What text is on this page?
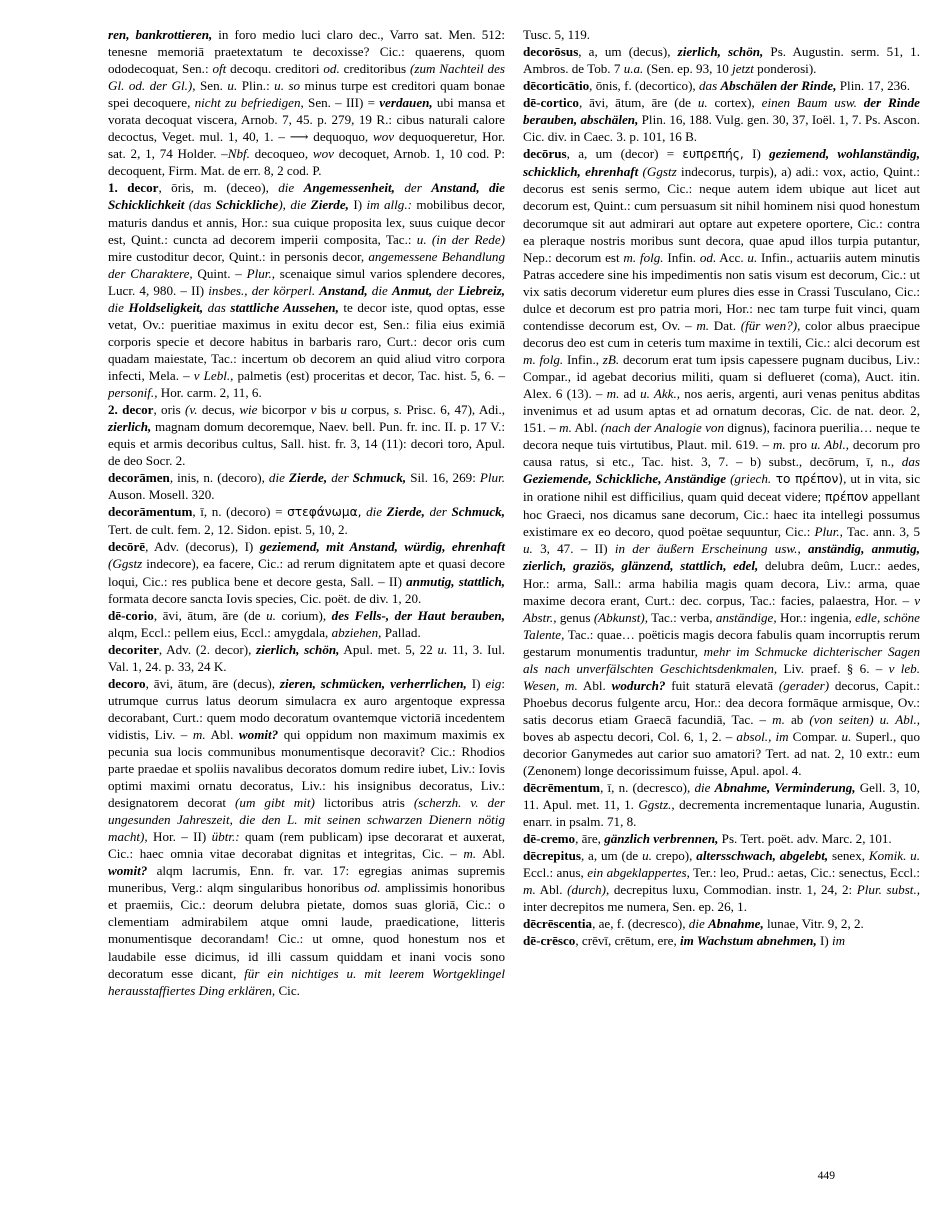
ren, bankrottieren, in foro medio luci claro dec., Varro sat. Men. 512: tenesne memoriā praetextatum te decoxisse? Cic.: quaerens, quom ododecoquat, Sen.: oft decoqu. creditori od. creditoribus (zum Nachteil des Gl. od. der Gl.), Sen. u. Plin.: u. so minus turpe est creditori quam bonae spei decoquere, nicht zu befriedigen, Sen. – III) = verdauen, ubi mansa et vorata decoquat viscera, Arnob. 7, 45. p. 279, 19 R.: cibus naturali calore decoctus, Veget. mul. 1, 40, 1. – ⟶ dequoquo, wov dequoqueretur, Hor. sat. 2, 1, 74 Holder. –Nbf. decoqueo, wov decoquet, Arnob. 1, 10 cod. P: decoquent, Firm. Mat. de err. 8, 2 cod. P.

1. decor, ōris, m. (deceo), die Angemessenheit, der Anstand, die Schicklichkeit (das Schickliche), die Zierde, I) im allg.: mobilibus decor, maturis dandus et annis, Hor.: sua cuique proposita lex, suus cuique decor est, Quint.: cuncta ad decorem imperii composita, Tac.: u. (in der Rede) mire custoditur decor, Quint.: in personis decor, angemessene Behandlung der Charaktere, Quint. – Plur., scenaique simul varios splendere decores, Lucr. 4, 980. – II) insbes., der körperl. Anstand, die Anmut, der Liebreiz, die Holdseligkeit, das stattliche Aussehen, te decor iste, quod optas, esse vetat, Ov.: pueritiae maximus in exitu decor est, Sen.: filia eius eximiā corporis specie et decore habitus in barbaris raro, Curt.: decor oris cum quadam maiestate, Tac.: incertum ob decorem an quid aliud vitro corpora infecti, Mela. – v Lebl., palmetis (est) proceritas et decor, Tac. hist. 5, 6. – personif., Hor. carm. 2, 11, 6.

2. decor, oris (v. decus, wie bicorpor v bis u corpus, s. Prisc. 6, 47), Adi., zierlich, magnam domum decoremque, Naev. bell. Pun. fr. inc. II. p. 17 V.: equis et armis decoribus cultus, Sall. hist. fr. 3, 14 (11): decori toro, Apul. de deo Socr. 2.

decorāmen, inis, n. (decoro), die Zierde, der Schmuck, Sil. 16, 269: Plur. Auson. Mosell. 320.

decorāmentum, ī, n. (decoro) = στεφάνωμα, die Zierde, der Schmuck, Tert. de cult. fem. 2, 12. Sidon. epist. 5, 10, 2.

decōrē, Adv. (decorus), I) geziemend, mit Anstand, würdig, ehrenhaft (Ggstz indecore), ea facere, Cic.: ad rerum dignitatem apte et quasi decore loqui, Cic.: res publica bene et decore gesta, Sall. – II) anmutig, stattlich, formata decore sancta Iovis species, Cic. poët. de div. 1, 20.

dē-corio, āvi, ātum, āre (de u. corium), des Fells-, der Haut berauben, alqm, Eccl.: pellem eius, Eccl.: amygdala, abziehen, Pallad.

decoriter, Adv. (2. decor), zierlich, schön, Apul. met. 5, 22 u. 11, 3. Iul. Val. 1, 24. p. 33, 24 K.

decoro, āvi, ātum, āre (decus), zieren, schmücken, verherrlichen, I) eig: utrumque currus latus deorum simulacra ex auro argentoque expressa decorabant, Curt.: quem modo decoratum ovantemque victoriā incedentem vidistis, Liv. – m. Abl. womit? qui oppidum non maximum maximis ex pecunia sua locis communibus monumentisque decoravit? Cic.: Rhodios parte praedae et spoliis navalibus decoratos domum redire iubet, Liv.: Iovis optimi maximi ornatu decoratus, Liv.: his insignibus decoratus, Liv.: designatorem decorat (um gibt mit) lictoribus atris (scherzh. v. der ungesunden Jahreszeit, die den L. mit seinen schwarzen Dienern nötig macht), Hor. – II) übtr.: quam (rem publicam) ipse decorarat et auxerat, Cic.: haec omnia vitae decorabat dignitas et integritas, Cic. – m. Abl. womit? alqm lacrumis, Enn. fr. var. 17: egregias animas supremis muneribus, Verg.: alqm singularibus honoribus od. amplissimis honoribus et praemiis, Cic.: deorum delubra pietate, domos suas gloriā, Cic.: o clementiam admirabilem atque omni laude, praedicatione, litteris monumentisque decorandam! Cic.: ut omne, quod honestum nos et laudabile esse dicimus, id illi cassum quiddam et inani vocis sono decoratum esse dicant, für ein nichtiges u. mit leerem Wortgeklingel herausstaffiertes Ding erklären, Cic.

Tusc. 5, 119.

decorōsus, a, um (decus), zierlich, schön, Ps. Augustin. serm. 51, 1. Ambros. de Tob. 7 u.a. (Sen. ep. 93, 10 jetzt ponderosi).

dēcorticātio, ōnis, f. (decortico), das Abschälen der Rinde, Plin. 17, 236.

dē-cortico, āvi, ātum, āre (de u. cortex), einen Baum usw. der Rinde berauben, abschälen, Plin. 16, 188. Vulg. gen. 30, 37, Ioël. 1, 7. Ps. Ascon. Cic. div. in Caec. 3. p. 101, 16 B.

decōrus, a, um (decor) = ευπρεπής, I) geziemend, wohlanständig, schicklich, ehrenhaft (Ggstz indecorus, turpis), a) adi.: vox, actio, Quint.: decorus est senis sermo, Cic.: neque autem idem ubique aut licet aut decorum est, Quint.: cum persuasum sit nihil hominem nisi quod honestum decorumque sit aut admirari aut optare aut expetere oportere, Cic.: contra ea pleraque nostris moribus sunt decora, quae apud illos turpia putantur, Nep.: decorum est m. folg. Infin. od. Acc. u. Infin., actuariis autem minutis Patras accedere sine his impedimentis non satis visum est decorum, Cic.: ut vix satis decorum videretur eum plures dies esse in Crassi Tusculano, Cic.: dulce et decorum est pro patria mori, Hor.: nec tam turpe fuit vinci, quam contendisse decorum est, Ov. – m. Dat. (für wen?), color albus praecipue decorus deo est cum in ceteris tum maxime in textili, Cic.: alci decorum est m. folg. Infin., zB. decorum erat tum ipsis capessere pugnam ducibus, Liv.: Compar., id agebat decorius militi, quam si deflueret (coma), Auct. itin. Alex. 6 (13). – m. ad u. Akk., nos aeris, argenti, auri venas penitus abditas invenimus et ad usum aptas et ad ornatum decoras, Cic. de nat. deor. 2, 151. – m. Abl. (nach der Analogie von dignus), facinora puerilia… neque te decora neque tuis virtutibus, Plaut. mil. 619. – m. pro u. Abl., decorum pro causa ratus, si etc., Tac. hist. 3, 7. – b) subst., decōrum, ī, n., das Geziemende, Schickliche, Anständige (griech. το πρέπον), ut in vita, sic in oratione nihil est difficilius, quam quid deceat videre; πρέπον appellant hoc Graeci, nos dicamus sane decorum, Cic.: haec ita intellegi possumus existimare ex eo decoro, quod poëtae sequuntur, Cic.: Plur., Tac. ann. 3, 5 u. 3, 47. – II) in der äußern Erscheinung usw., anständig, anmutig, zierlich, graziös, glänzend, stattlich, edel, delubra deûm, Lucr.: aedes, Hor.: arma, Sall.: arma habilia magis quam decora, Liv.: arma, quae maxime decora erant, Curt.: dec. corpus, Tac.: facies, palaestra, Hor. – v Abstr., genus (Abkunst), Tac.: verba, anständige, Hor.: ingenia, edle, schöne Talente, Tac.: quae… poëticis magis decora fabulis quam incorruptis rerum gestarum monumentis traduntur, mehr im Schmucke dichterischer Sagen als nach unverfälschten Geschichtsdenkmalen, Liv. praef. § 6. – v leb. Wesen, m. Abl. wodurch? fuit staturā elevatā (gerader) decorus, Capit.: Phoebus decorus fulgente arcu, Hor.: dea decora formāque armisque, Ov.: satis decorus etiam Graecā facundiā, Tac. – m. ab (von seiten) u. Abl., boves ab aspectu decori, Col. 6, 1, 2. – absol., im Compar. u. Superl., quo decorior Ganymedes aut carior suo amatori? Tert. ad nat. 2, 10 extr.: eum (Zenonem) longe decorissimum fuisse, Apul. apol. 4.

dēcrēmentum, ī, n. (decresco), die Abnahme, Verminderung, Gell. 3, 10, 11. Apul. met. 11, 1. Ggstz., decrementa incrementaque lunaria, Augustin. enarr. in psalm. 71, 8.

dē-cremo, āre, gänzlich verbrennen, Ps. Tert. poët. adv. Marc. 2, 101.

dēcrepitus, a, um (de u. crepo), altersschwach, abgelebt, senex, Komik. u. Eccl.: anus, ein abgeklappertes, Ter.: leo, Prud.: aetas, Cic.: senectus, Eccl.: m. Abl. (durch), decrepitus luxu, Commodian. instr. 1, 24, 2: Plur. subst., inter decrepitos me numera, Sen. ep. 26, 1.

dēcrēscentia, ae, f. (decresco), die Abnahme, lunae, Vitr. 9, 2, 2.

dē-crēsco, crēvī, crētum, ere, im Wachstum abnehmen, I) im

449
